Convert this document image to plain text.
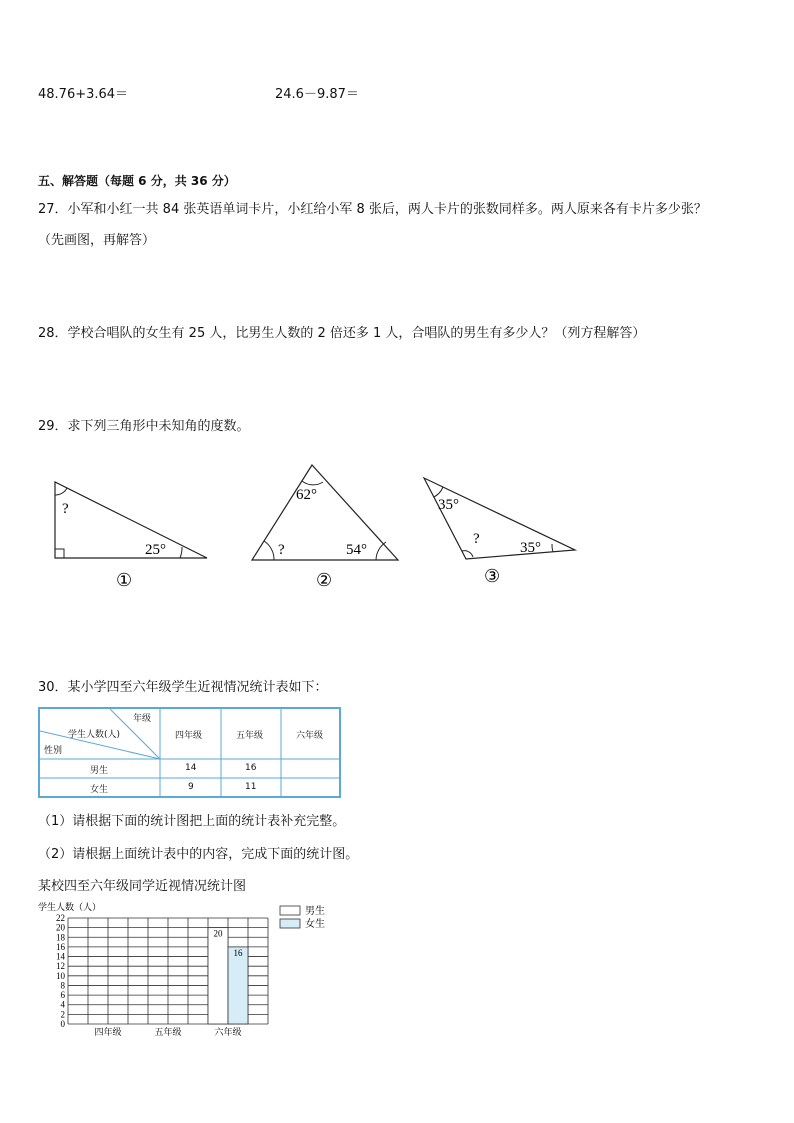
48.76+3.64＝	24.6－9.87＝
五、解答题（每题 6 分，共 36 分）
27．小军和小红一共 84 张英语单词卡片，小红给小军 8 张后，两人卡片的张数同样多。两人原来各有卡片多少张？
（先画图，再解答）
28．学校合唱队的女生有 25 人，比男生人数的 2 倍还多 1 人，合唱队的男生有多少人？（列方程解答）
29．求下列三角形中未知角的度数。
?
25°
①
62°
?	54°
②
35°
?
35°
③
30．某小学四至六年级学生近视情况统计表如下：
年级
学生人数(人)
性别
四年级	五年级	六年级
男生	14	16
女生	9	11
（1）请根据下面的统计图把上面的统计表补充完整。
（2）请根据上面统计表中的内容，完成下面的统计图。
某校四至六年级同学近视情况统计图
学生人数（人）
20
16
0
2
4
6
8
10
12
14
16
18
20
22
四年级	五年级	六年级
男生
女生
